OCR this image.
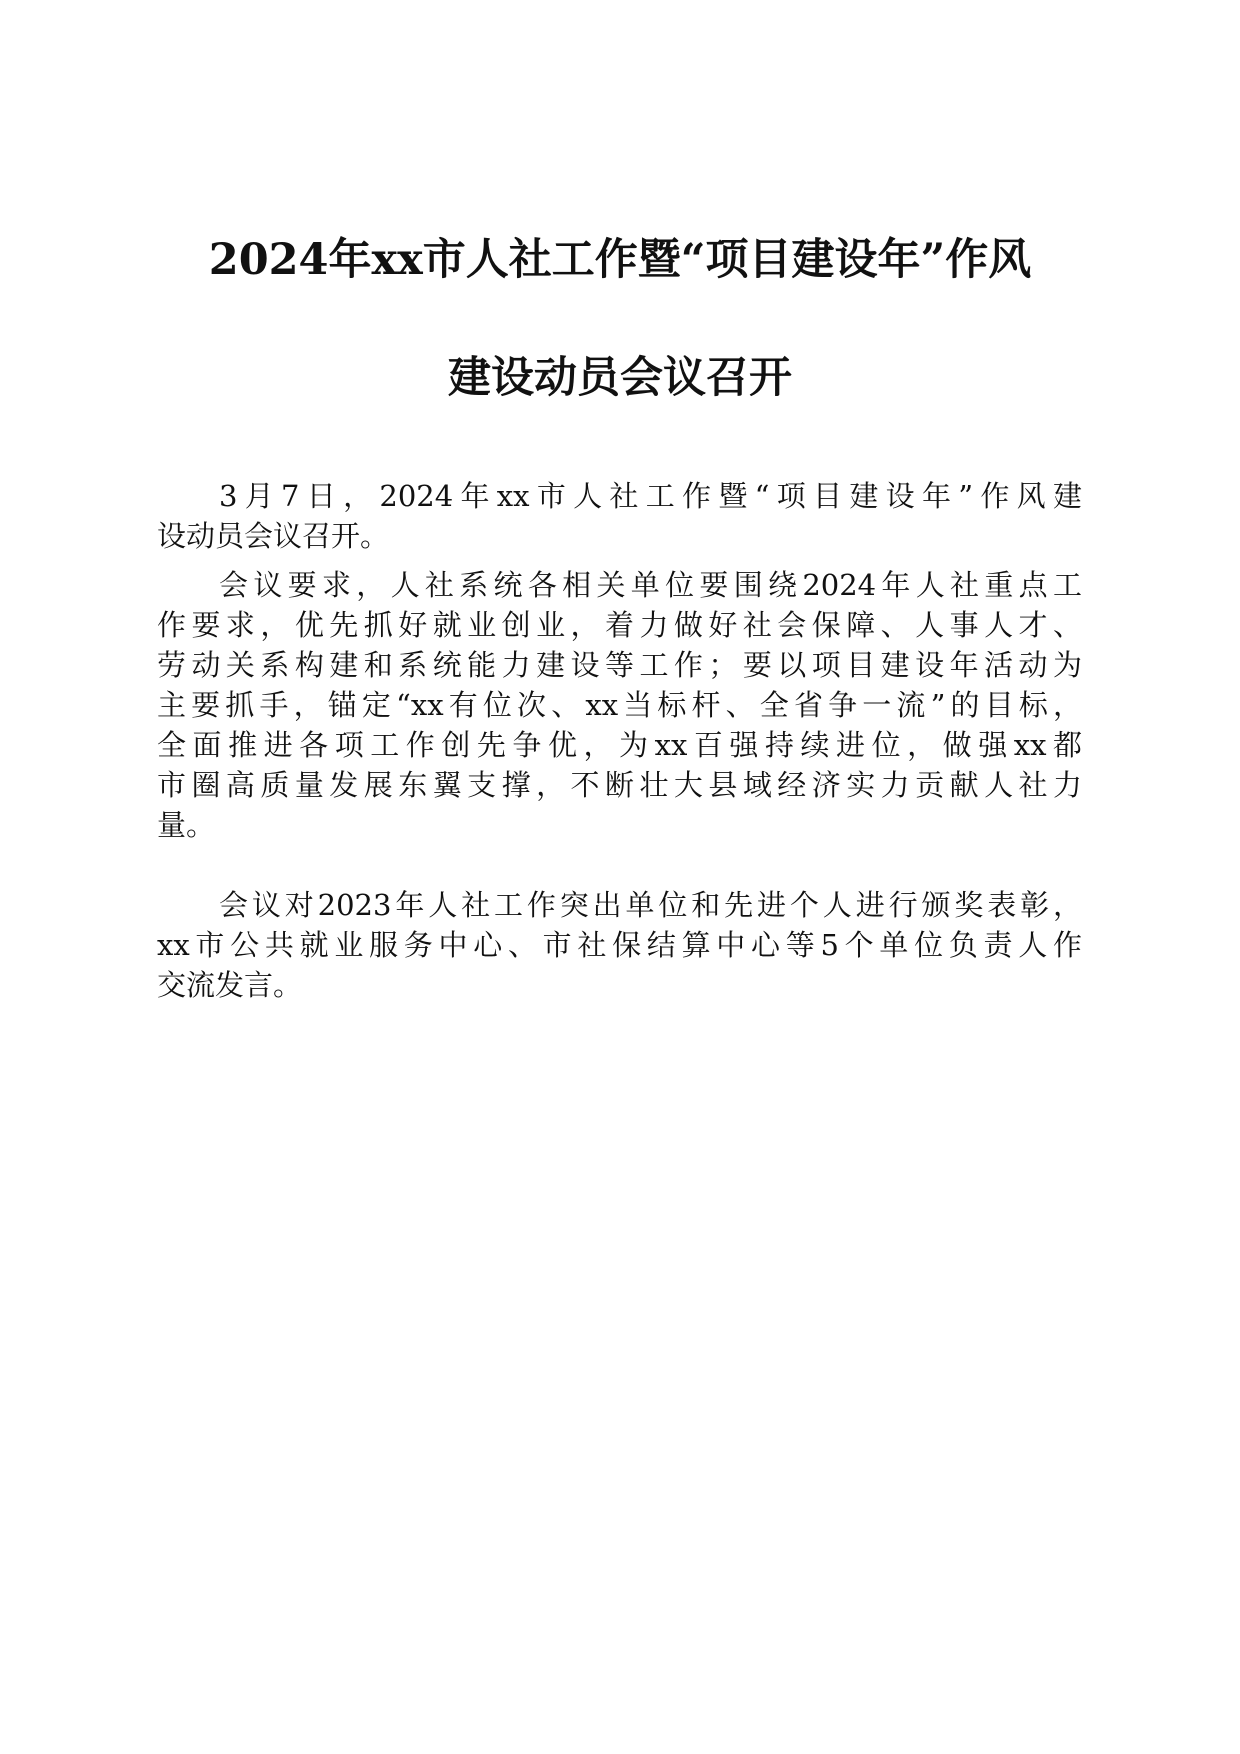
2024年xx市人社工作暨“项目建设年”作风
建设动员会议召开
3月7日，2024年xx市人社工作暨“项目建设年”作风建
设动员会议召开。
会议要求，人社系统各相关单位要围绕2024年人社重点工
作要求，优先抓好就业创业，着力做好社会保障、人事人才、
劳动关系构建和系统能力建设等工作；要以项目建设年活动为
主要抓手，锚定“xx有位次、xx当标杆、全省争一流”的目标，
全面推进各项工作创先争优，为xx百强持续进位，做强xx都
市圈高质量发展东翼支撑，不断壮大县域经济实力贡献人社力
量。
会议对2023年人社工作突出单位和先进个人进行颁奖表彰，
xx市公共就业服务中心、市社保结算中心等5个单位负责人作
交流发言。
